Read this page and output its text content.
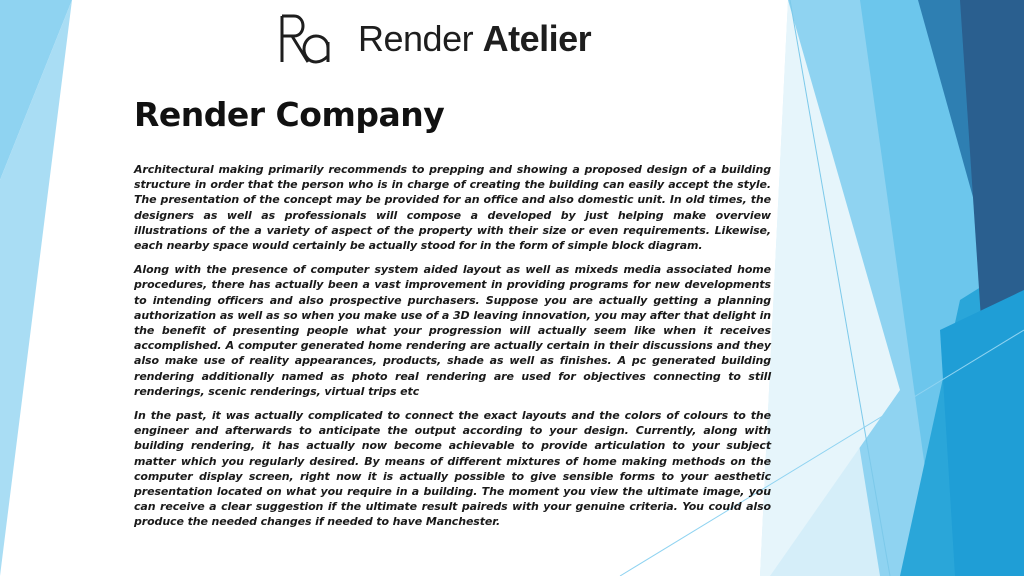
Render Atelier
Render Company

Architectural making primarily recommends to prepping and showing a proposed design of a building structure in order that the person who is in charge of creating the building can easily accept the style. The presentation of the concept may be provided for an office and also domestic unit. In old times, the designers as well as professionals will compose a developed by just helping make overview illustrations of the a variety of aspect of the property with their size or even requirements. Likewise, each nearby space would certainly be actually stood for in the form of simple block diagram.

Along with the presence of computer system aided layout as well as mixeds media associated home procedures, there has actually been a vast improvement in providing programs for new developments to intending officers and also prospective purchasers. Suppose you are actually getting a planning authorization as well as so when you make use of a 3D leaving innovation, you may after that delight in the benefit of presenting people what your progression will actually seem like when it receives accomplished. A computer generated home rendering are actually certain in their discussions and they also make use of reality appearances, products, shade as well as finishes. A pc generated building rendering additionally named as photo real rendering are used for objectives connecting to still renderings, scenic renderings, virtual trips etc

In the past, it was actually complicated to connect the exact layouts and the colors of colours to the engineer and afterwards to anticipate the output according to your design. Currently, along with building rendering, it has actually now become achievable to provide articulation to your subject matter which you regularly desired. By means of different mixtures of home making methods on the computer display screen, right now it is actually possible to give sensible forms to your aesthetic presentation located on what you require in a building. The moment you view the ultimate image, you can receive a clear suggestion if the ultimate result paireds with your genuine criteria. You could also produce the needed changes if needed to have Manchester.
